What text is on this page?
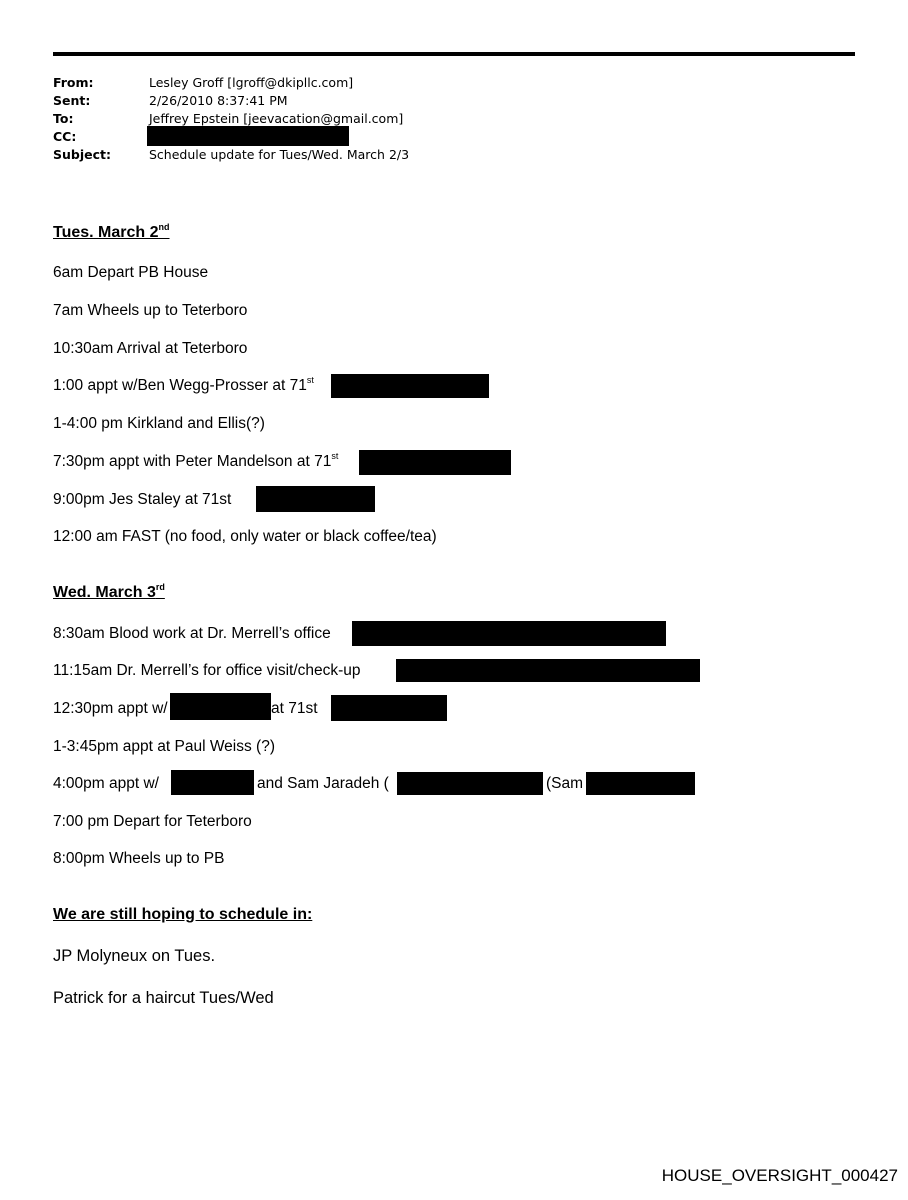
From:	Lesley Groff [lgroff@dkipllc.com]
Sent:	2/26/2010 8:37:41 PM
To:	Jeffrey Epstein [jeevacation@gmail.com]
CC:
Subject:	Schedule update for Tues/Wed. March 2/3
Tues. March 2nd
6am Depart PB House
7am Wheels up to Teterboro
10:30am Arrival at Teterboro
1:00 appt w/Ben Wegg-Prosser at 71st
1-4:00 pm Kirkland and Ellis(?)
7:30pm appt with Peter Mandelson at 71st
9:00pm Jes Staley at 71st
12:00 am FAST (no food, only water or black coffee/tea)
Wed. March 3rd
8:30am Blood work at Dr. Merrell’s office
11:15am Dr. Merrell’s for office visit/check-up
12:30pm appt w/	at 71st
1-3:45pm appt at Paul Weiss (?)
4:00pm appt w/	and Sam Jaradeh (	(Sam
7:00 pm Depart for Teterboro
8:00pm Wheels up to PB
We are still hoping to schedule in:
JP Molyneux on Tues.
Patrick for a haircut Tues/Wed
HOUSE_OVERSIGHT_000427
